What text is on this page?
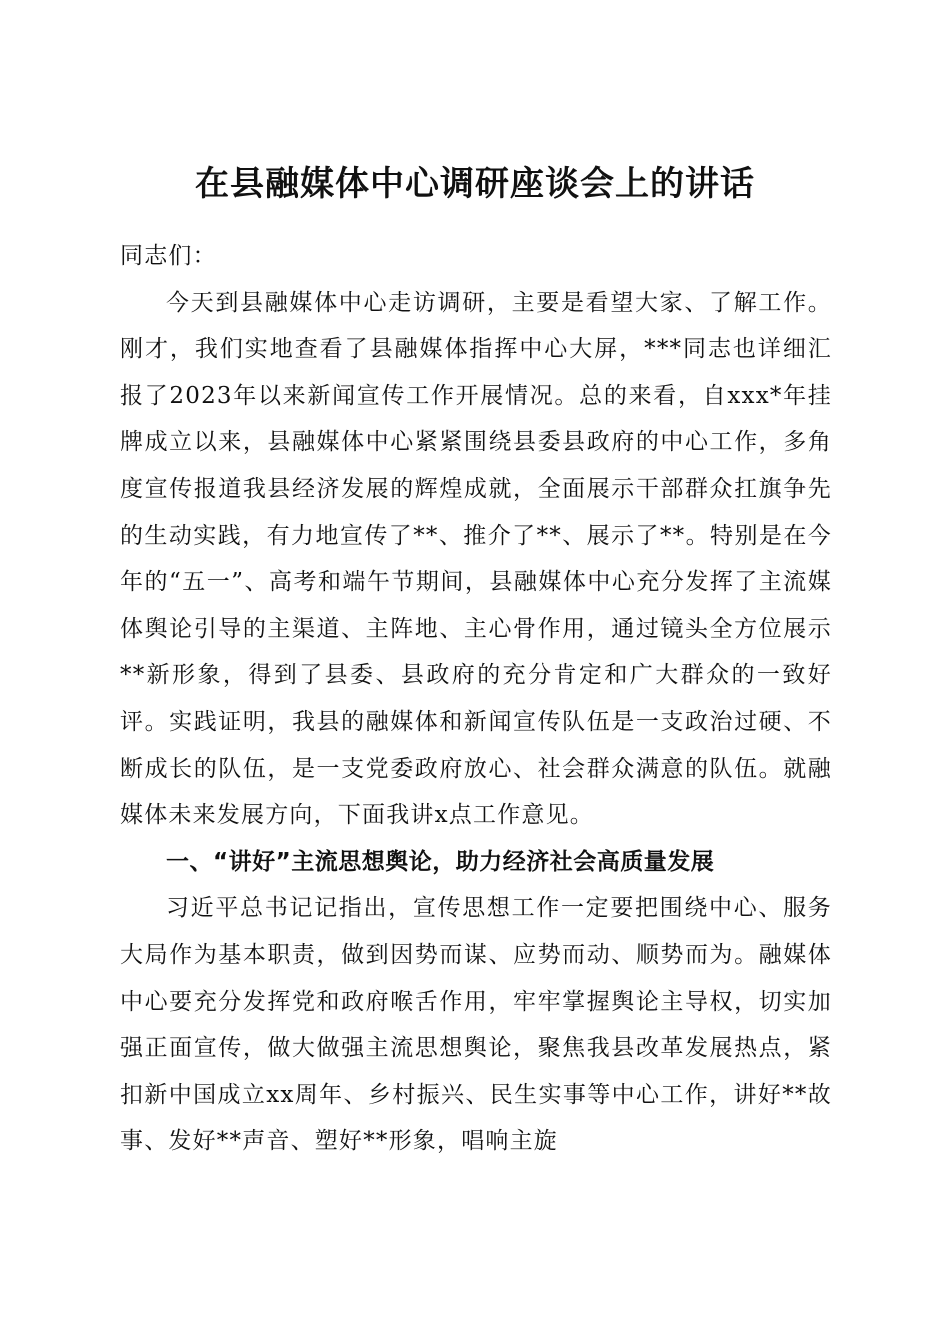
在县融媒体中心调研座谈会上的讲话

同志们：

今天到县融媒体中心走访调研，主要是看望大家、了解工作。刚才，我们实地查看了县融媒体指挥中心大屏，***同志也详细汇报了2023年以来新闻宣传工作开展情况。总的来看，自xxx*年挂牌成立以来，县融媒体中心紧紧围绕县委县政府的中心工作，多角度宣传报道我县经济发展的辉煌成就，全面展示干部群众扛旗争先的生动实践，有力地宣传了**、推介了**、展示了**。特别是在今年的“五一”、高考和端午节期间，县融媒体中心充分发挥了主流媒体舆论引导的主渠道、主阵地、主心骨作用，通过镜头全方位展示**新形象，得到了县委、县政府的充分肯定和广大群众的一致好评。实践证明，我县的融媒体和新闻宣传队伍是一支政治过硬、不断成长的队伍，是一支党委政府放心、社会群众满意的队伍。就融媒体未来发展方向，下面我讲x点工作意见。

一、“讲好”主流思想舆论，助力经济社会高质量发展

习近平总书记记指出，宣传思想工作一定要把围绕中心、服务大局作为基本职责，做到因势而谋、应势而动、顺势而为。融媒体中心要充分发挥党和政府喉舌作用，牢牢掌握舆论主导权，切实加强正面宣传，做大做强主流思想舆论，聚焦我县改革发展热点，紧扣新中国成立xx周年、乡村振兴、民生实事等中心工作，讲好**故事、发好**声音、塑好**形象，唱响主旋
